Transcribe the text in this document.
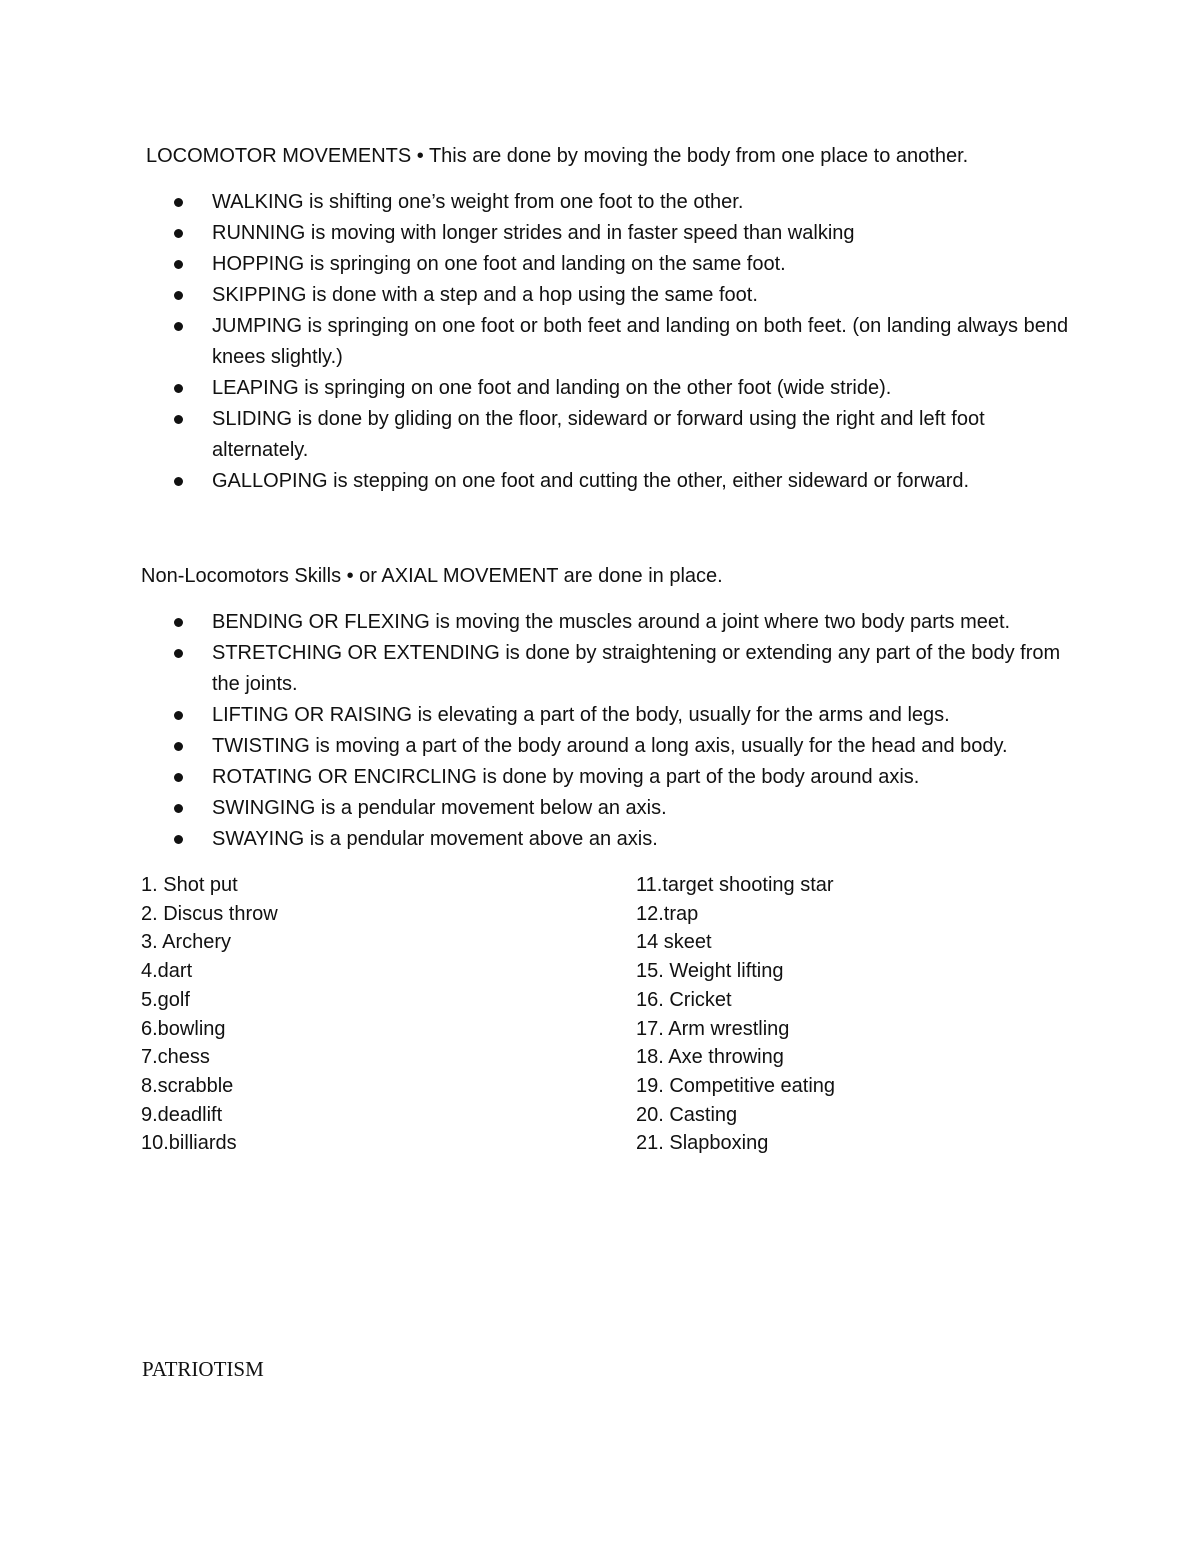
LOCOMOTOR MOVEMENTS • This are done by moving the body from one place to another.

WALKING is shifting one’s weight from one foot to the other.
RUNNING is moving with longer strides and in faster speed than walking
HOPPING is springing on one foot and landing on the same foot.
SKIPPING is done with a step and a hop using the same foot.
JUMPING is springing on one foot or both feet and landing on both feet. (on landing always bend knees slightly.)
LEAPING is springing on one foot and landing on the other foot (wide stride).
SLIDING is done by gliding on the floor, sideward or forward using the right and left foot alternately.
GALLOPING is stepping on one foot and cutting the other, either sideward or forward.

Non-Locomotors Skills • or AXIAL MOVEMENT are done in place.

BENDING OR FLEXING is moving the muscles around a joint where two body parts meet.
STRETCHING OR EXTENDING is done by straightening or extending any part of the body from the joints.
LIFTING OR RAISING is elevating a part of the body, usually for the arms and legs.
TWISTING is moving a part of the body around a long axis, usually for the head and body.
ROTATING OR ENCIRCLING is done by moving a part of the body around axis.
SWINGING is a pendular movement below an axis.
SWAYING is a pendular movement above an axis.
1. Shot put
2. Discus throw
3. Archery
4.dart
5.golf
6.bowling
7.chess
8.scrabble
9.deadlift
10.billiards
11.target shooting star
12.trap
14 skeet
15. Weight lifting
16. Cricket
17. Arm wrestling
18. Axe throwing
19. Competitive eating
20. Casting
21. Slapboxing

PATRIOTISM
